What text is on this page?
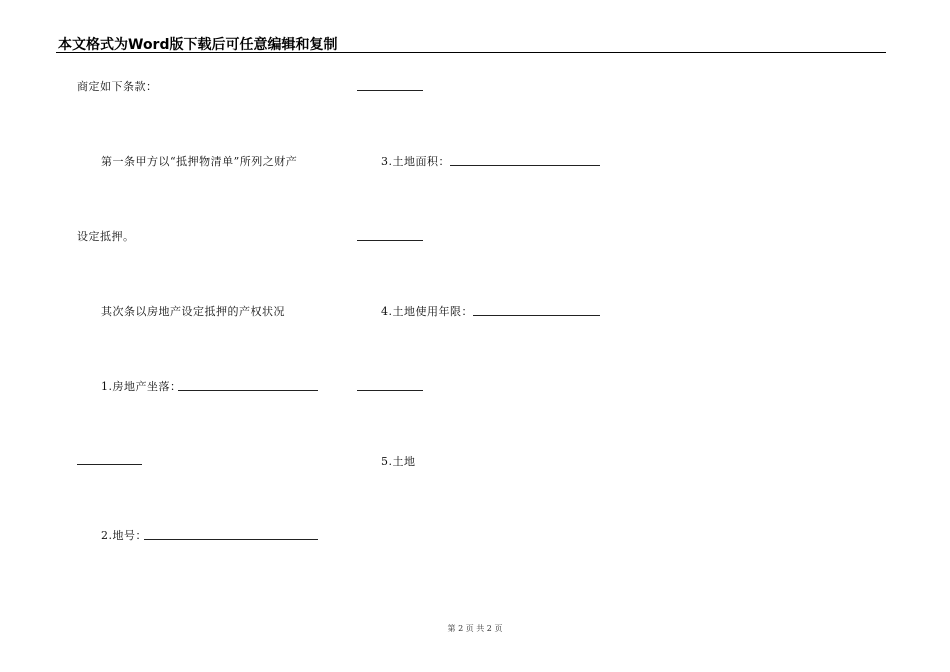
本文格式为Word版下载后可任意编辑和复制
商定如下条款：
第一条甲方以“抵押物清单”所列之财产
设定抵押。
其次条以房地产设定抵押的产权状况
1.房地产坐落：
2.地号：
3.土地面积：
4.土地使用年限：
5.土地
第 2 页 共 2 页
